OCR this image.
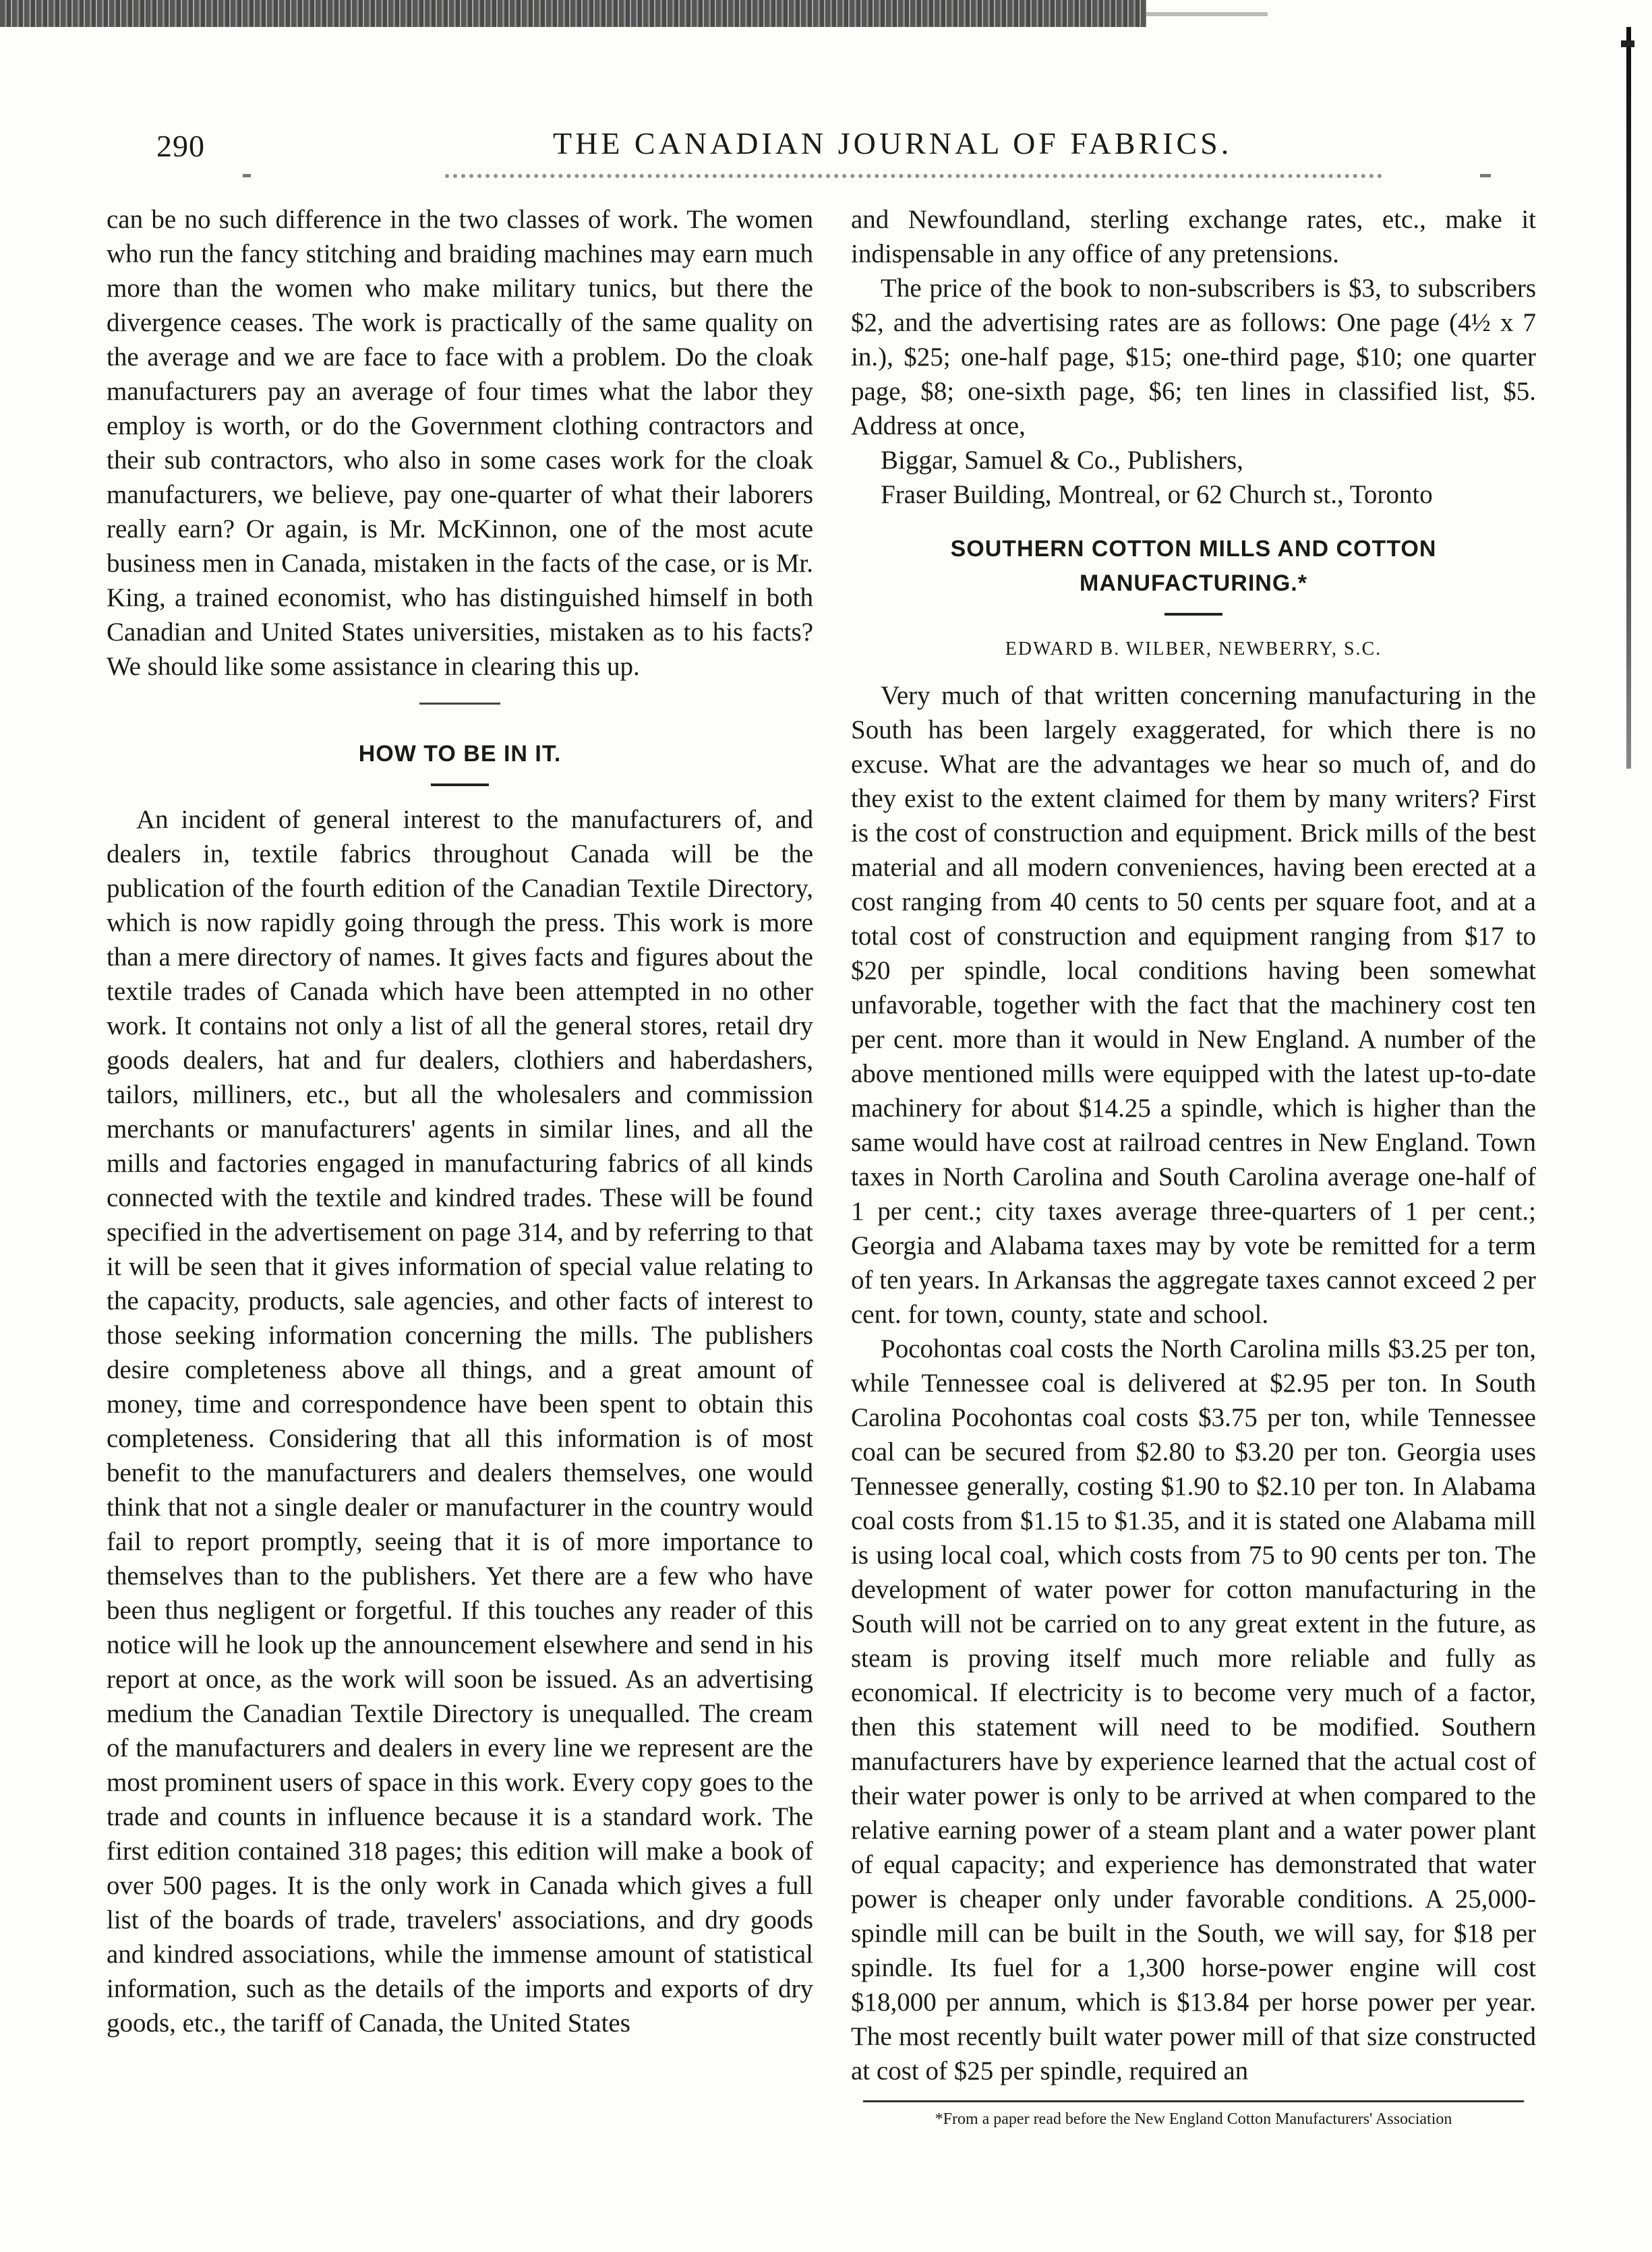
290	THE CANADIAN JOURNAL OF FABRICS.

can be no such difference in the two classes of work. The women who run the fancy stitching and braiding machines may earn much more than the women who make military tunics, but there the divergence ceases. The work is practically of the same quality on the average and we are face to face with a problem. Do the cloak manufacturers pay an average of four times what the labor they employ is worth, or do the Government clothing contractors and their sub contractors, who also in some cases work for the cloak manufacturers, we believe, pay one-quarter of what their laborers really earn? Or again, is Mr. McKinnon, one of the most acute business men in Canada, mistaken in the facts of the case, or is Mr. King, a trained economist, who has distinguished himself in both Canadian and United States universities, mistaken as to his facts? We should like some assistance in clearing this up.

HOW TO BE IN IT.

An incident of general interest to the manufacturers of, and dealers in, textile fabrics throughout Canada will be the publication of the fourth edition of the Canadian Textile Directory, which is now rapidly going through the press. This work is more than a mere directory of names. It gives facts and figures about the textile trades of Canada which have been attempted in no other work. It contains not only a list of all the general stores, retail dry goods dealers, hat and fur dealers, clothiers and haberdashers, tailors, milliners, etc., but all the wholesalers and commission merchants or manufacturers' agents in similar lines, and all the mills and factories engaged in manufacturing fabrics of all kinds connected with the textile and kindred trades. These will be found specified in the advertisement on page 314, and by referring to that it will be seen that it gives information of special value relating to the capacity, products, sale agencies, and other facts of interest to those seeking information concerning the mills. The publishers desire completeness above all things, and a great amount of money, time and correspondence have been spent to obtain this completeness. Considering that all this information is of most benefit to the manufacturers and dealers themselves, one would think that not a single dealer or manufacturer in the country would fail to report promptly, seeing that it is of more importance to themselves than to the publishers. Yet there are a few who have been thus negligent or forgetful. If this touches any reader of this notice will he look up the announcement elsewhere and send in his report at once, as the work will soon be issued. As an advertising medium the Canadian Textile Directory is unequalled. The cream of the manufacturers and dealers in every line we represent are the most prominent users of space in this work. Every copy goes to the trade and counts in influence because it is a standard work. The first edition contained 318 pages; this edition will make a book of over 500 pages. It is the only work in Canada which gives a full list of the boards of trade, travelers' associations, and dry goods and kindred associations, while the immense amount of statistical information, such as the details of the imports and exports of dry goods, etc., the tariff of Canada, the United States

and Newfoundland, sterling exchange rates, etc., make it indispensable in any office of any pretensions.

The price of the book to non-subscribers is $3, to subscribers $2, and the advertising rates are as follows: One page (4½ x 7 in.), $25; one-half page, $15; one-third page, $10; one quarter page, $8; one-sixth page, $6; ten lines in classified list, $5. Address at once,

Biggar, Samuel & Co., Publishers,

Fraser Building, Montreal, or 62 Church st., Toronto

SOUTHERN COTTON MILLS AND COTTON MANUFACTURING.*
EDWARD B. WILBER, NEWBERRY, S.C.

Very much of that written concerning manufacturing in the South has been largely exaggerated, for which there is no excuse. What are the advantages we hear so much of, and do they exist to the extent claimed for them by many writers? First is the cost of construction and equipment. Brick mills of the best material and all modern conveniences, having been erected at a cost ranging from 40 cents to 50 cents per square foot, and at a total cost of construction and equipment ranging from $17 to $20 per spindle, local conditions having been somewhat unfavorable, together with the fact that the machinery cost ten per cent. more than it would in New England. A number of the above mentioned mills were equipped with the latest up-to-date machinery for about $14.25 a spindle, which is higher than the same would have cost at railroad centres in New England. Town taxes in North Carolina and South Carolina average one-half of 1 per cent.; city taxes average three-quarters of 1 per cent.; Georgia and Alabama taxes may by vote be remitted for a term of ten years. In Arkansas the aggregate taxes cannot exceed 2 per cent. for town, county, state and school.

Pocohontas coal costs the North Carolina mills $3.25 per ton, while Tennessee coal is delivered at $2.95 per ton. In South Carolina Pocohontas coal costs $3.75 per ton, while Tennessee coal can be secured from $2.80 to $3.20 per ton. Georgia uses Tennessee generally, costing $1.90 to $2.10 per ton. In Alabama coal costs from $1.15 to $1.35, and it is stated one Alabama mill is using local coal, which costs from 75 to 90 cents per ton. The development of water power for cotton manufacturing in the South will not be carried on to any great extent in the future, as steam is proving itself much more reliable and fully as economical. If electricity is to become very much of a factor, then this statement will need to be modified. Southern manufacturers have by experience learned that the actual cost of their water power is only to be arrived at when compared to the relative earning power of a steam plant and a water power plant of equal capacity; and experience has demonstrated that water power is cheaper only under favorable conditions. A 25,000-spindle mill can be built in the South, we will say, for $18 per spindle. Its fuel for a 1,300 horse-power engine will cost $18,000 per annum, which is $13.84 per horse power per year. The most recently built water power mill of that size constructed at cost of $25 per spindle, required an

*From a paper read before the New England Cotton Manufacturers' Association
